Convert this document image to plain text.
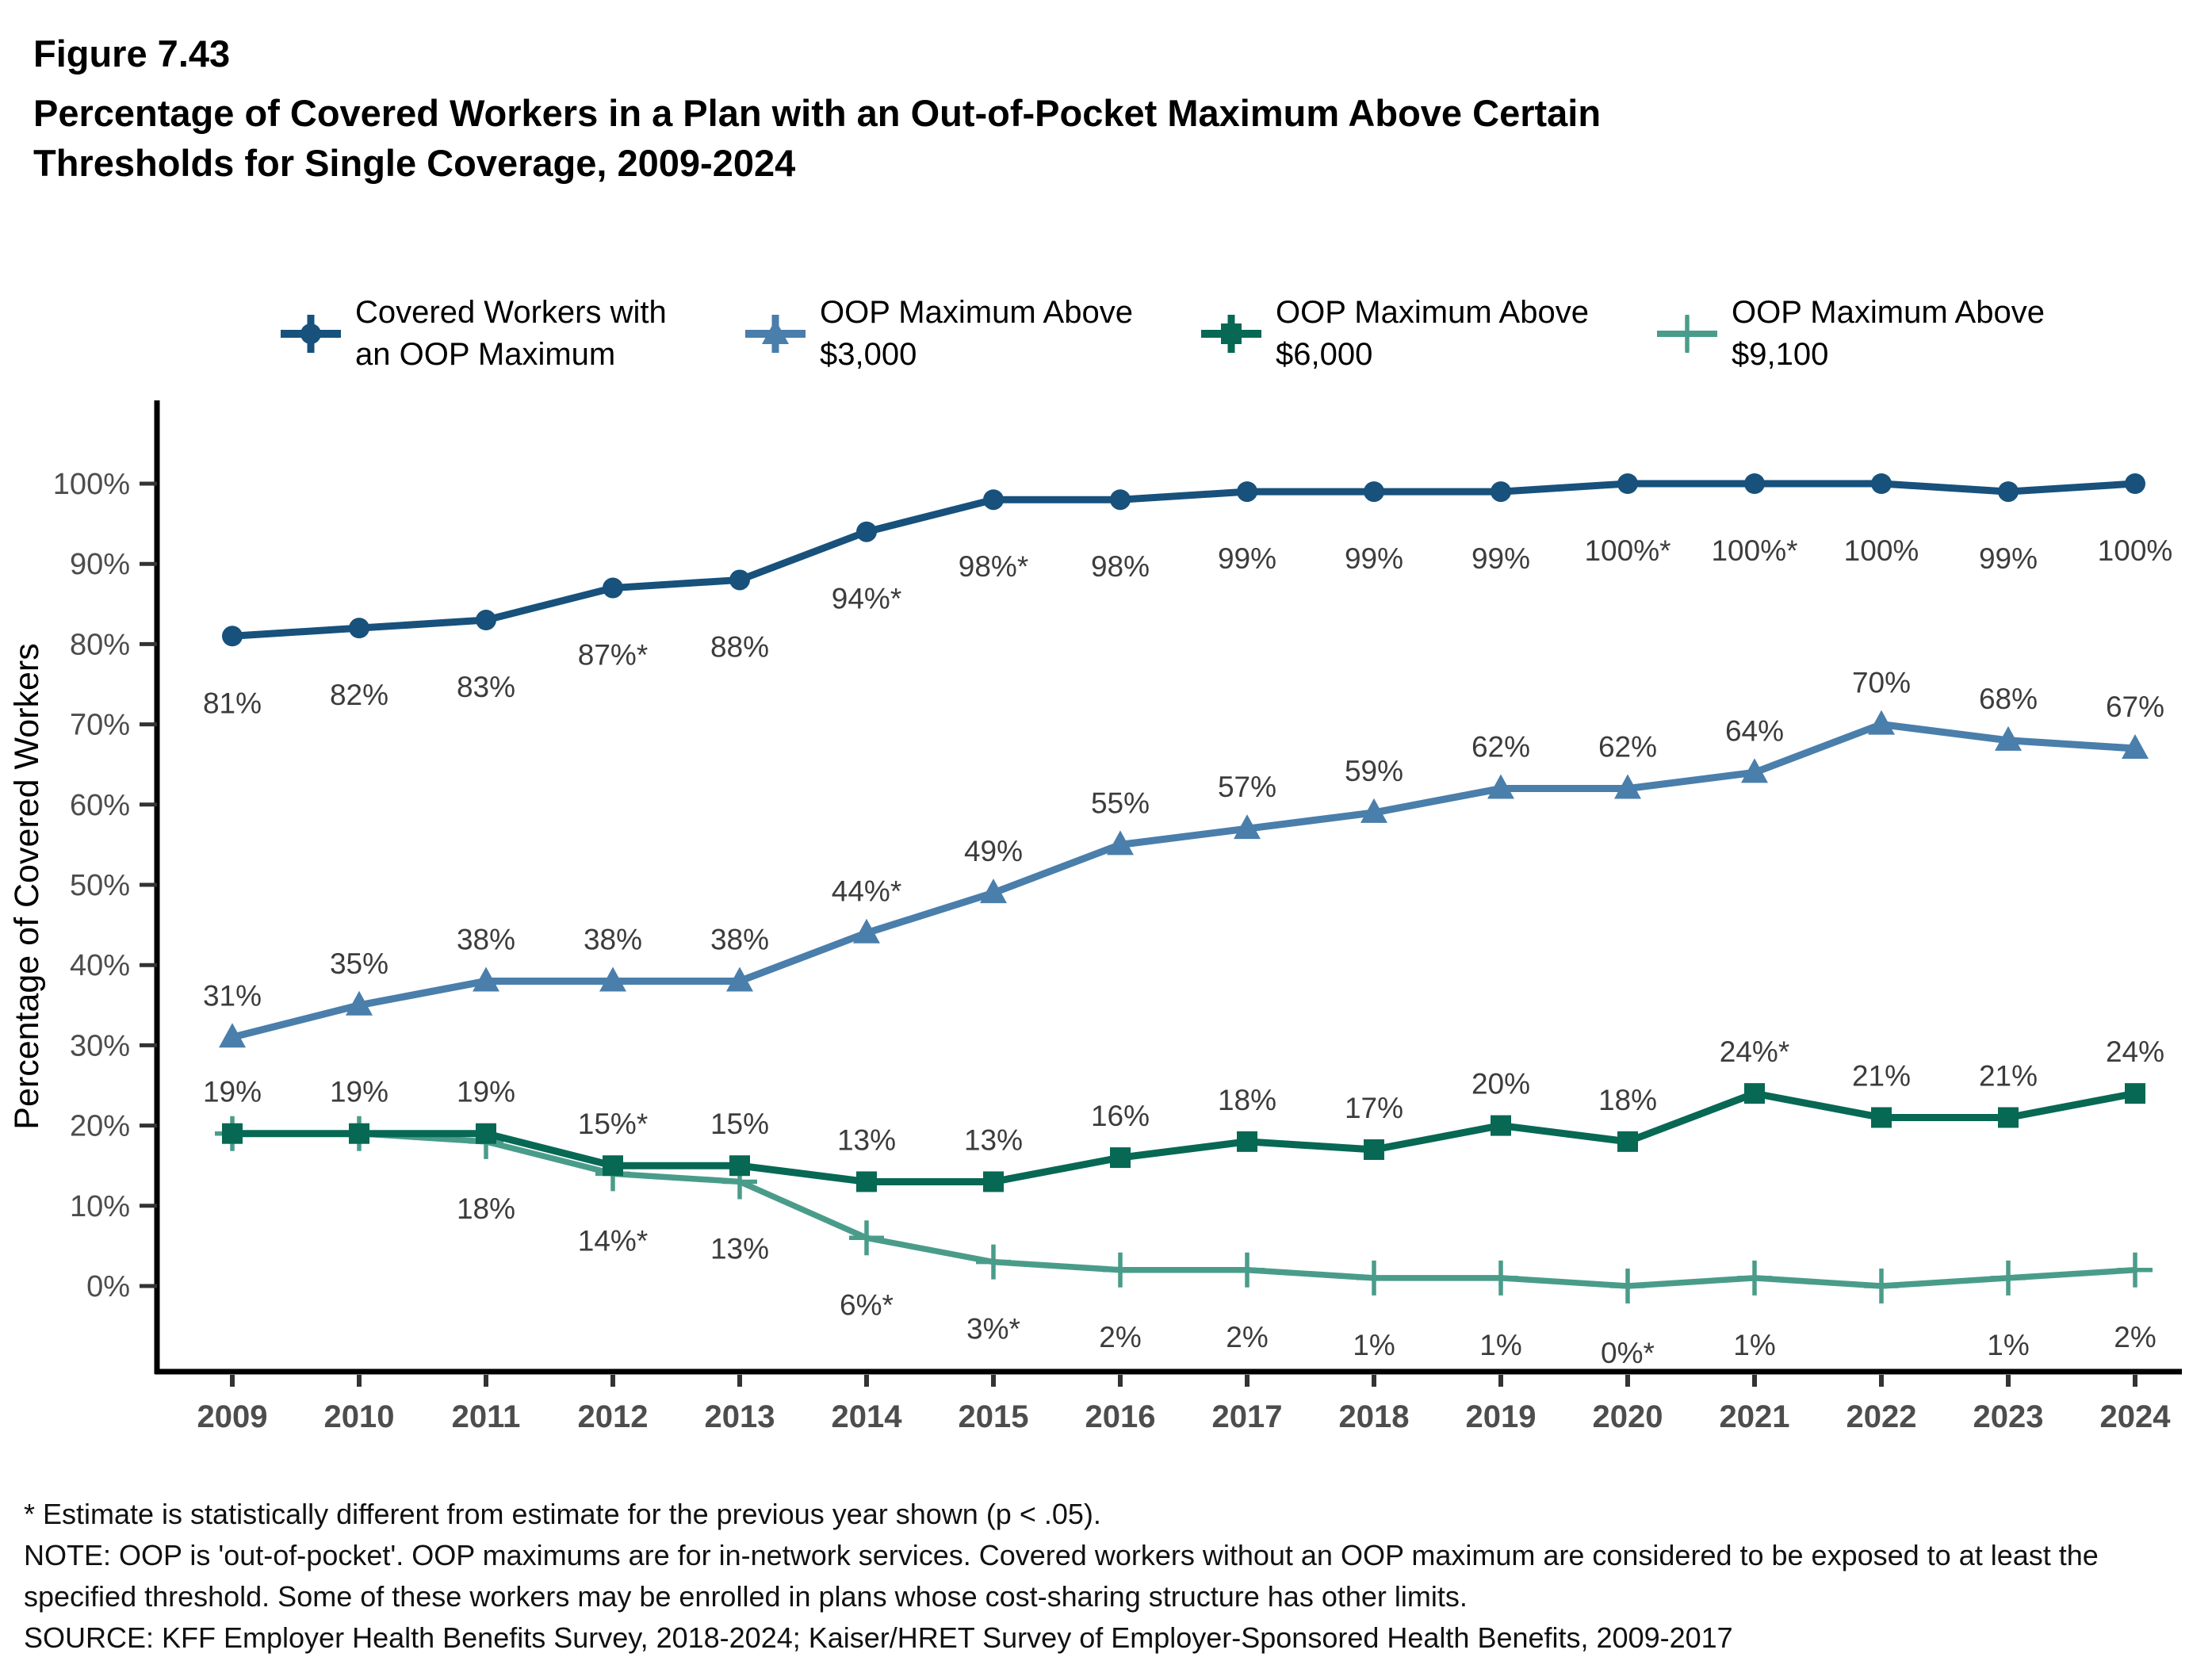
Figure 7.43
Percentage of Covered Workers in a Plan with an Out-of-Pocket Maximum Above Certain
Thresholds for Single Coverage, 2009-2024
Covered Workers with
an OOP Maximum
OOP Maximum Above
$3,000
OOP Maximum Above
$6,000
OOP Maximum Above
$9,100
0%
10%
20%
30%
40%
50%
60%
70%
80%
90%
100%
2009 2010 2011 2012 2013 2014 2015 2016 2017 2018 2019 2020 2021 2022 2023 2024
Percentage of Covered Workers	81% 82% 83%
87%* 88%
94%*
98%* 98% 99% 99% 99% 100%* 100%* 100% 99% 100%
31%
35%
38% 38% 38%
44%*
49%
55% 57% 59%
62% 62% 64%
70% 68% 67%
19% 19% 19%
15%* 15% 13% 13%
16% 18% 17%
20% 18%
24%*
21% 21%
24%
18%
14%* 13%
6%*
3%*	2%	2%	1%	1%	0%*	1%	1%	2%
* Estimate is statistically different from estimate for the previous year shown (p < .05).
NOTE: OOP is 'out-of-pocket'. OOP maximums are for in-network services. Covered workers without an OOP maximum are considered to be exposed to at least the specified threshold. Some of these workers may be enrolled in plans whose cost-sharing structure has other limits.
SOURCE: KFF Employer Health Benefits Survey, 2018-2024; Kaiser/HRET Survey of Employer-Sponsored Health Benefits, 2009-2017
